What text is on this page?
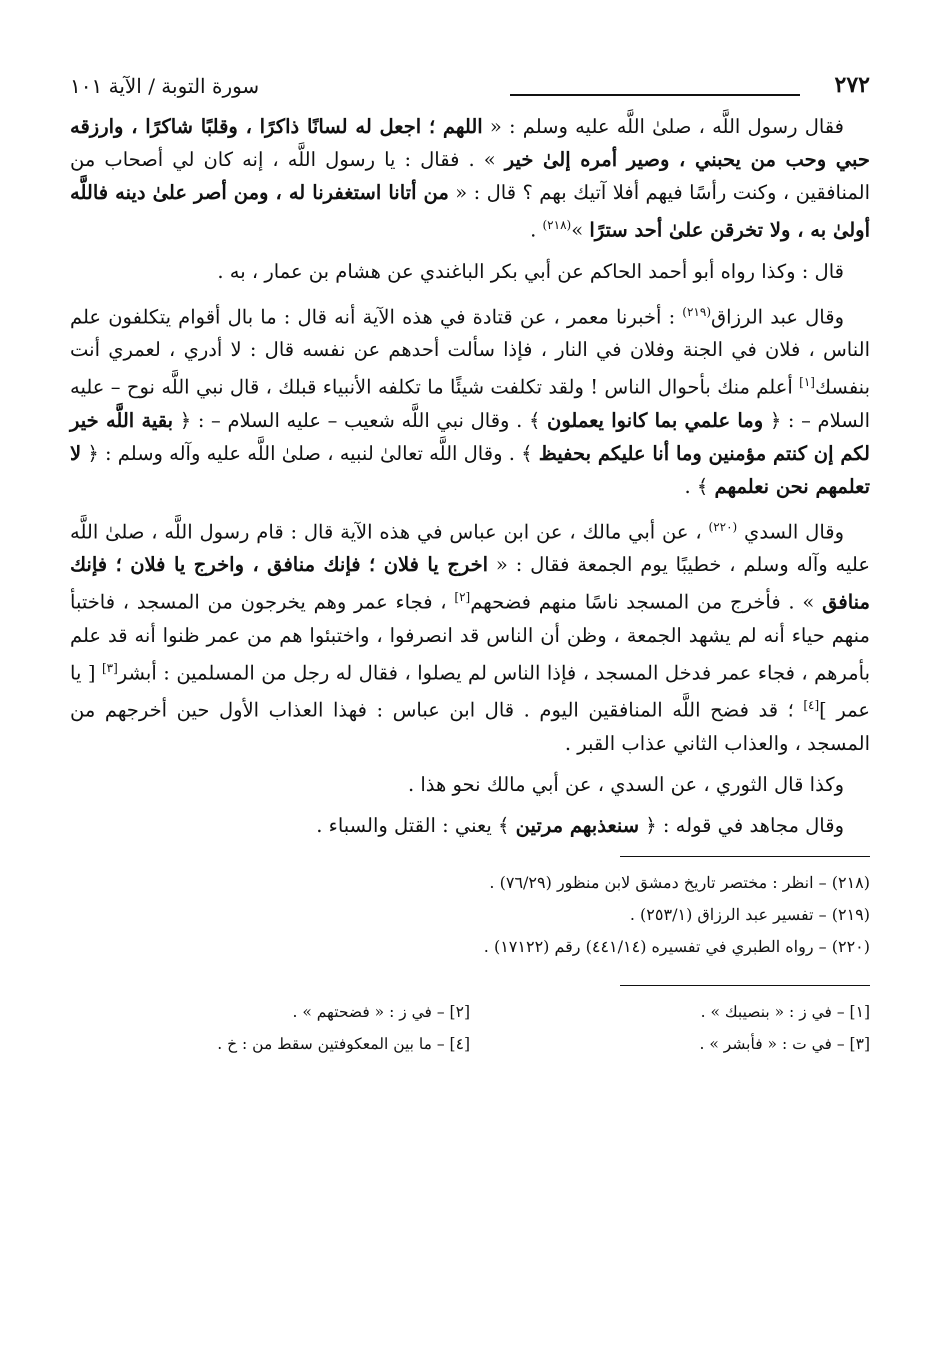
٢٧٢
سورة التوبة / الآية ١٠١

فقال رسول اللَّه ، صلىٰ اللَّه عليه وسلم : « اللهم ؛ اجعل له لسانًا ذاكرًا ، وقلبًا شاكرًا ، وارزقه حبي وحب من يحبني ، وصير أمره إلىٰ خير » . فقال : يا رسول اللَّه ، إنه كان لي أصحاب من المنافقين ، وكنت رأسًا فيهم أفلا آتيك بهم ؟ قال : « من أتانا استغفرنا له ، ومن أصر علىٰ دينه فاللَّه أولىٰ به ، ولا تخرقن علىٰ أحد سترًا »$^{(٢١٨)}$ .

قال : وكذا رواه أبو أحمد الحاكم عن أبي بكر الباغندي عن هشام بن عمار ، به .

وقال عبد الرزاق$^{(٢١٩)}$ : أخبرنا معمر ، عن قتادة في هذه الآية أنه قال : ما بال أقوام يتكلفون علم الناس ، فلان في الجنة وفلان في النار ، فإذا سألت أحدهم عن نفسه قال : لا أدري ، لعمري أنت بنفسك[١] أعلم منك بأحوال الناس ! ولقد تكلفت شيئًا ما تكلفه الأنبياء قبلك ، قال نبي اللَّه نوح – عليه السلام – : ﴿ وما علمي بما كانوا يعملون ﴾ . وقال نبي اللَّه شعيب – عليه السلام – : ﴿ بقية اللَّه خير لكم إن كنتم مؤمنين وما أنا عليكم بحفيظ ﴾ . وقال اللَّه تعالىٰ لنبيه ، صلىٰ اللَّه عليه وآله وسلم : ﴿ لا تعلمهم نحن نعلمهم ﴾ .

وقال السدي $^{(٢٢٠)}$ ، عن أبي مالك ، عن ابن عباس في هذه الآية قال : قام رسول اللَّه ، صلىٰ اللَّه عليه وآله وسلم ، خطيبًا يوم الجمعة فقال : « اخرج يا فلان ؛ فإنك منافق ، واخرج يا فلان ؛ فإنك منافق » . فأخرج من المسجد ناسًا منهم فضحهم[٢] ، فجاء عمر وهم يخرجون من المسجد ، فاختبأ منهم حياء أنه لم يشهد الجمعة ، وظن أن الناس قد انصرفوا ، واختبئوا هم من عمر ظنوا أنه قد علم بأمرهم ، فجاء عمر فدخل المسجد ، فإذا الناس لم يصلوا ، فقال له رجل من المسلمين : أبشر[٣] [ يا عمر ][٤] ؛ قد فضح اللَّه المنافقين اليوم . قال ابن عباس : فهذا العذاب الأول حين أخرجهم من المسجد ، والعذاب الثاني عذاب القبر .

وكذا قال الثوري ، عن السدي ، عن أبي مالك نحو هذا .

وقال مجاهد في قوله : ﴿ سنعذبهم مرتين ﴾ يعني : القتل والسباء .

(٢١٨) – انظر : مختصر تاريخ دمشق لابن منظور (٧٦/٢٩) .

(٢١٩) – تفسير عبد الرزاق (٢٥٣/١) .

(٢٢٠) – رواه الطبري في تفسيره (٤٤١/١٤) رقم (١٧١٢٢) .

[١] – في ز : « بنصيبك » .
[٢] – في ز : « فضحتهم » .
[٣] – في ت : « فأبشر » .
[٤] – ما بين المعكوفتين سقط من : خ .
